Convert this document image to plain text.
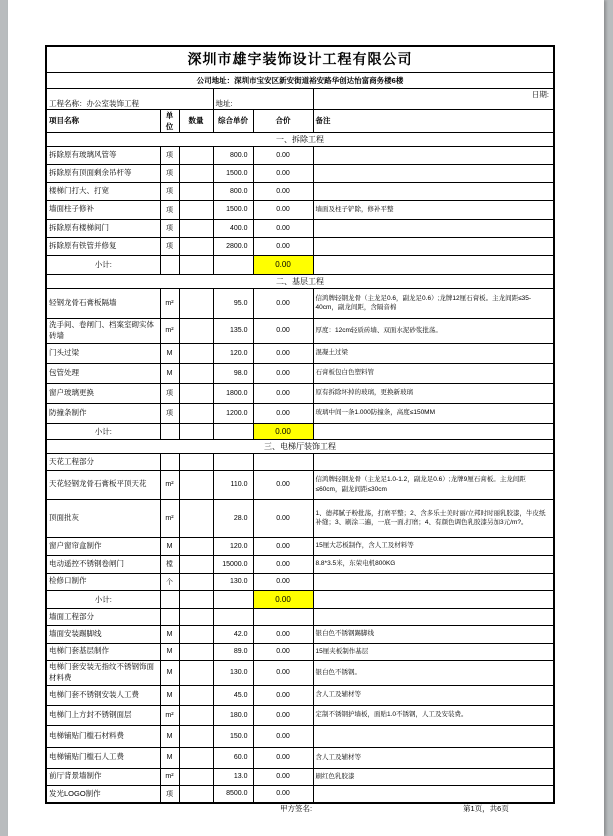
深圳市雄宇装饰设计工程有限公司					
公司地址：深圳市宝安区新安街道裕安路华创达怡富商务楼6楼					
工程名称：办公室装饰工程			地址:		日期:
项目名称	单位	数量	综合单价	合价	备注
一、拆除工程					
拆除原有玻璃风管等	项		800.0	0.00	
拆除原有顶面剩余吊杆等	项		1500.0	0.00	
楼梯门打大、打宽	项		800.0	0.00	
墙面柱子修补	项		1500.0	0.00	墙面及柱子铲除，修补平整
拆除原有楼梯间门	项		400.0	0.00	
拆除原有铁管并修复	项		2800.0	0.00	
小计:				0.00	
二、基层工程					
轻钢龙骨石膏板隔墙	m²		95.0	0.00	信鸿牌轻钢龙骨（主龙足0.6，副龙足0.6）;龙牌12厘石膏板。主龙间距≤35-40cm，副龙间距，含隔音棉
洗手间、卷闸门、档案室砌实体砖墙	m²		135.0	0.00	厚度：12cm轻质砖墙、双面水泥砂浆批荡。
门头过梁	M		120.0	0.00	混凝土过梁
包管处理	M		98.0	0.00	石膏板包白色塑料管
窗户玻璃更换	项		1800.0	0.00	原有拆除坏掉的玻璃，更换新玻璃
防撞条制作	项		1200.0	0.00	玻璃中间一条1.000防撞条，高度≤150MM
小计:				0.00	
三、电梯厅装饰工程					
天花工程部分					
天花轻钢龙骨石膏板平顶天花	m²		110.0	0.00	信鸿牌轻钢龙骨（主龙足1.0-1.2，副龙足0.6）;龙牌9厘石膏板。主龙间距≤60cm，副龙间距≤30cm
顶面批灰	m²		28.0	0.00	1、德邦腻子粉批荡，打磨平整；2、含多乐士美时丽/立邦时时丽乳胶漆，牛皮纸补缝；3、刷涂二遍，一底一面,打磨；4、有颜色调色乳胶漆另加3元/m?。
窗户窗帘盒制作	M		120.0	0.00	15厘大芯板制作，含人工及材料等
电动遥控不锈钢卷闸门	樘		15000.0	0.00	8.8*3.5米，东荣电机800KG
检修口制作	个		130.0	0.00	
小计:				0.00	
墙面工程部分					
墙面安装踢脚线	M		42.0	0.00	银白色不锈钢踢脚线
电梯门套基层制作	M		89.0	0.00	15厘夹板制作基层
电梯门套安装无指纹不锈钢饰面材料费	M		130.0	0.00	银白色不锈钢。
电梯门套不锈钢安装人工费	M		45.0	0.00	含人工及辅材等
电梯门上方封不锈钢面层	m²		180.0	0.00	定制不锈钢护墙板，面贴1.0不锈钢，人工及安装费。
电梯铺贴门槛石材料费	M		150.0	0.00	
电梯铺贴门槛石人工费	M		60.0	0.00	含人工及辅材等
前厅背景墙制作	m²		13.0	0.00	刷红色乳胶漆
发光LOGO制作	项		8500.0	0.00	
甲方签名:	第1页，共6页
